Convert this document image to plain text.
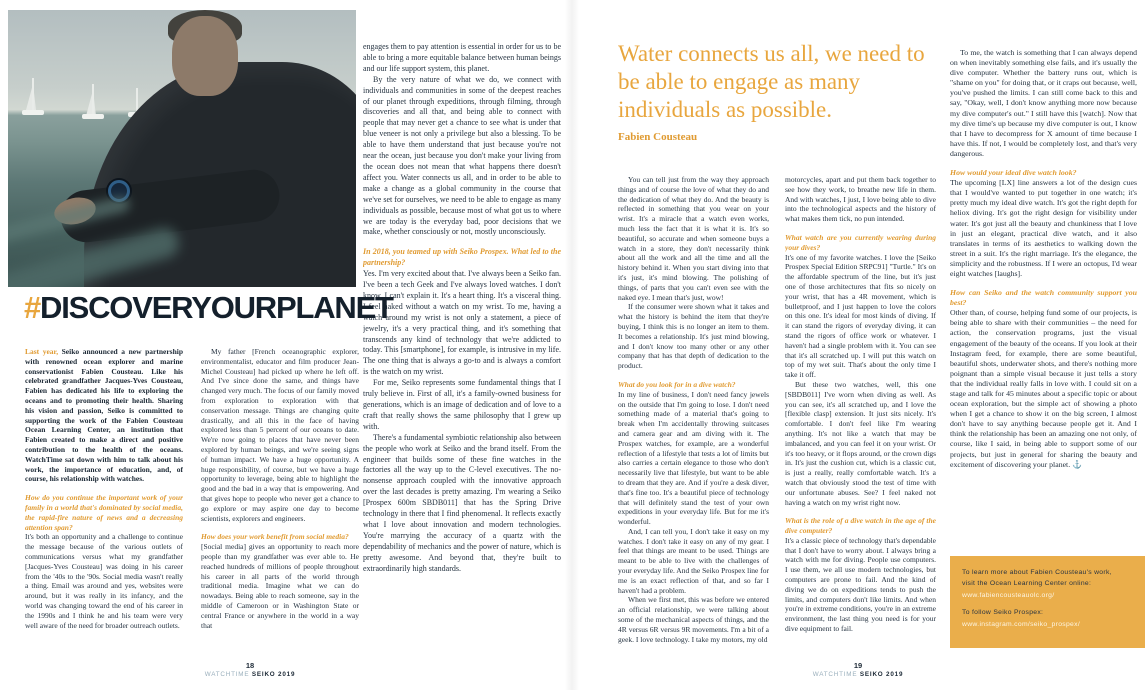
engages them to pay attention is essential in order for us to be able to bring a more equitable balance between human beings and our life support system, this planet.

By the very nature of what we do, we connect with individuals and communities in some of the deepest reaches of our planet through expeditions, through filming, through discoveries and all that, and being able to connect with people that may never get a chance to see what is under that blue veneer is not only a privilege but also a blessing. To be able to have them understand that just because you're not near the ocean, just because you don't make your living from the ocean does not mean that what happens there doesn't affect you. Water connects us all, and in order to be able to make a change as a global community in the course that we've set for ourselves, we need to be able to engage as many individuals as possible, because most of what got us to where we are today is the everyday bad, poor decisions that we make, whether consciously or not, mostly unconsciously.

In 2018, you teamed up with Seiko Prospex. What led to the partnership?

Yes. I'm very excited about that. I've always been a Seiko fan. I've been a tech Geek and I've always loved watches. I don't know. I can't explain it. It's a heart thing. It's a visceral thing. I feel naked without a watch on my wrist. To me, having a watch around my wrist is not only a statement, a piece of jewelry, it's a very practical thing, and it's something that transcends any kind of technology that we're addicted to today. This [smartphone], for example, is intrusive in my life. The one thing that is always a go-to and is always a comfort is the watch on my wrist.

For me, Seiko represents some fundamental things that I truly believe in. First of all, it's a family-owned business for generations, which is an image of dedication and of love to a craft that really shows the same philosophy that I grew up with.

There's a fundamental symbiotic relationship also between the people who work at Seiko and the brand itself. From the engineer that builds some of these fine watches in the factories all the way up to the C-level executives. The no-nonsense approach coupled with the innovative approach over the last decades is pretty amazing. I'm wearing a Seiko [Prospex 600m SBDB011] that has the Spring Drive technology in there that I find phenomenal. It reflects exactly what I love about innovation and modern technologies. You're marrying the accuracy of a quartz with the dependability of mechanics and the power of nature, which is pretty awesome. And beyond that, they're built to extraordinarily high standards.

#DISCOVERYOURPLANET

Last year, Seiko announced a new partnership with renowned ocean explorer and marine conservationist Fabien Cousteau. Like his celebrated grandfather Jacques-Yves Cousteau, Fabien has dedicated his life to exploring the oceans and to promoting their health. Sharing his vision and passion, Seiko is committed to supporting the work of the Fabien Cousteau Ocean Learning Center, an institution that Fabien created to make a direct and positive contribution to the health of the oceans. WatchTime sat down with him to talk about his work, the importance of education, and, of course, his relationship with watches.

How do you continue the important work of your family in a world that's dominated by social media, the rapid-fire nature of news and a decreasing attention span?

It's both an opportunity and a challenge to continue the message because of the various outlets of communications versus what my grandfather [Jacques-Yves Cousteau] was doing in his career from the '40s to the '90s. Social media wasn't really a thing. Email was around and yes, websites were around, but it was really in its infancy, and the world was changing toward the end of his career in the 1990s and I think he and his team were very well aware of the need for broader outreach outlets.

My father [French oceanographic explorer, environmentalist, educator and film producer Jean-Michel Cousteau] had picked up where he left off. And I've since done the same, and things have changed very much. The focus of our family moved from exploration to exploration with that conservation message. Things are changing quite drastically, and all this in the face of having explored less than 5 percent of our oceans to date. We're now going to places that have never been explored by human beings, and we're seeing signs of human impact. We have a huge opportunity. A huge responsibility, of course, but we have a huge opportunity to leverage, being able to highlight the good and the bad in a way that is empowering. And that gives hope to people who never get a chance to go explore or may aspire one day to become scientists, explorers and engineers.

How does your work benefit from social media?

[Social media] gives an opportunity to reach more people than my grandfather was ever able to. He reached hundreds of millions of people throughout his career in all parts of the world through traditional media. Imagine what we can do nowadays. Being able to reach someone, say in the middle of Cameroon or in Washington State or central France or anywhere in the world in a way that

18
WATCHTIME SEIKO 2019
Water connects us all, we need to be able to engage as many individuals as possible.
Fabien Cousteau

You can tell just from the way they approach things and of course the love of what they do and the dedication of what they do. And the beauty is reflected in something that you wear on your wrist. It's a miracle that a watch even works, much less the fact that it is what it is. It's so beautiful, so accurate and when someone buys a watch in a store, they don't necessarily think about all the work and all the time and all the history behind it. When you start diving into that it's just, it's mind blowing. The polishing of things, of parts that you can't even see with the naked eye. I mean that's just, wow!

If the consumer were shown what it takes and what the history is behind the item that they're buying, I think this is no longer an item to them. It becomes a relationship. It's just mind blowing, and I don't know too many other or any other company that has that depth of dedication to the product.

What do you look for in a dive watch?

In my line of business, I don't need fancy jewels on the outside that I'm going to lose. I don't need something made of a material that's going to break when I'm accidentally throwing suitcases and camera gear and am diving with it. The Prospex watches, for example, are a wonderful reflection of a lifestyle that tests a lot of limits but also carries a certain elegance to those who don't necessarily live that lifestyle, but want to be able to dream that they are. And if you're a desk diver, that's fine too. It's a beautiful piece of technology that will definitely stand the test of your own expeditions in your everyday life. But for me it's wonderful.

And, I can tell you, I don't take it easy on my watches. I don't take it easy on any of my gear. I feel that things are meant to be used. Things are meant to be able to live with the challenges of your everyday life. And the Seiko Prospex line for me is an exact reflection of that, and so far I haven't had a problem.

When we first met, this was before we entered an official relationship, we were talking about some of the mechanical aspects of things, and the 4R versus 6R versus 9R movements. I'm a bit of a geek. I love technology. I take my motors, my old

motorcycles, apart and put them back together to see how they work, to breathe new life in them. And with watches, I just, I love being able to dive into the technological aspects and the history of what makes them tick, no pun intended.

What watch are you currently wearing during your dives?

It's one of my favorite watches. I love the [Seiko Prospex Special Edition SRPC91] "Turtle." It's on the affordable spectrum of the line, but it's just one of those architectures that fits so nicely on your wrist, that has a 4R movement, which is bulletproof, and I just happen to love the colors on this one. It's ideal for most kinds of diving. If it can stand the rigors of everyday diving, it can stand the rigors of office work or whatever. I haven't had a single problem with it. You can see that it's all scratched up. I will put this watch on top of my wet suit. That's about the only time I take it off.

But these two watches, well, this one [SBDB011] I've worn when diving as well. As you can see, it's all scratched up, and I love the [flexible clasp] extension. It just sits nicely. It's comfortable. I don't feel like I'm wearing anything. It's not like a watch that may be imbalanced, and you can feel it on your wrist. Or it's too heavy, or it flops around, or the crown digs in. It's just the cushion cut, which is a classic cut, is just a really, really comfortable watch. It's a watch that obviously stood the test of time with our unfortunate abuses. See? I feel naked not having a watch on my wrist right now.

What is the role of a dive watch in the age of the dive computer?

It's a classic piece of technology that's dependable that I don't have to worry about. I always bring a watch with me for diving. People use computers. I use them, we all use modern technologies, but computers are prone to fail. And the kind of diving we do on expeditions tends to push the limits, and computers don't like limits. And when you're in extreme conditions, you're in an extreme environment, the last thing you need is for your dive equipment to fail.

To me, the watch is something that I can always depend on when inevitably something else fails, and it's usually the dive computer. Whether the battery runs out, which is "shame on you" for doing that, or it craps out because, well, you've pushed the limits. I can still come back to this and say, "Okay, well, I don't know anything more now because my dive computer's out." I still have this [watch]. Now that my dive time's up because my dive computer is out, I know that I have to decompress for X amount of time because I have this. If not, I would be completely lost, and that's very dangerous.

How would your ideal dive watch look?

The upcoming [LX] line answers a lot of the design cues that I would've wanted to put together in one watch; it's pretty much my ideal dive watch. It's got the right depth for heliox diving. It's got the right design for visibility under water. It's got just all the beauty and chunkiness that I love in just an elegant, practical dive watch, and it also translates in terms of its aesthetics to walking down the street in a suit. It's the right marriage. It's the elegance, the simplicity and the robustness. If I were an octopus, I'd wear eight watches [laughs].

How can Seiko and the watch community support you best?

Other than, of course, helping fund some of our projects, is being able to share with their communities – the need for action, the conservation programs, just the visual engagement of the beauty of the oceans. If you look at their Instagram feed, for example, there are some beautiful, beautiful shots, underwater shots, and there's nothing more poignant than a simple visual because it just tells a story that the individual really falls in love with. I could sit on a stage and talk for 45 minutes about a specific topic or about ocean exploration, but the simple act of showing a photo when I get a chance to show it on the big screen, I almost don't have to say anything because people get it. And I think the relationship has been an amazing one not only, of course, like I said, in being able to support some of our projects, but just in general for sharing the beauty and excitement of discovering your planet. ⚓

To learn more about Fabien Cousteau's work,
visit the Ocean Learning Center online:
www.fabiencousteauolc.org/
To follow Seiko Prospex:
www.instagram.com/seiko_prospex/
19
WATCHTIME SEIKO 2019
